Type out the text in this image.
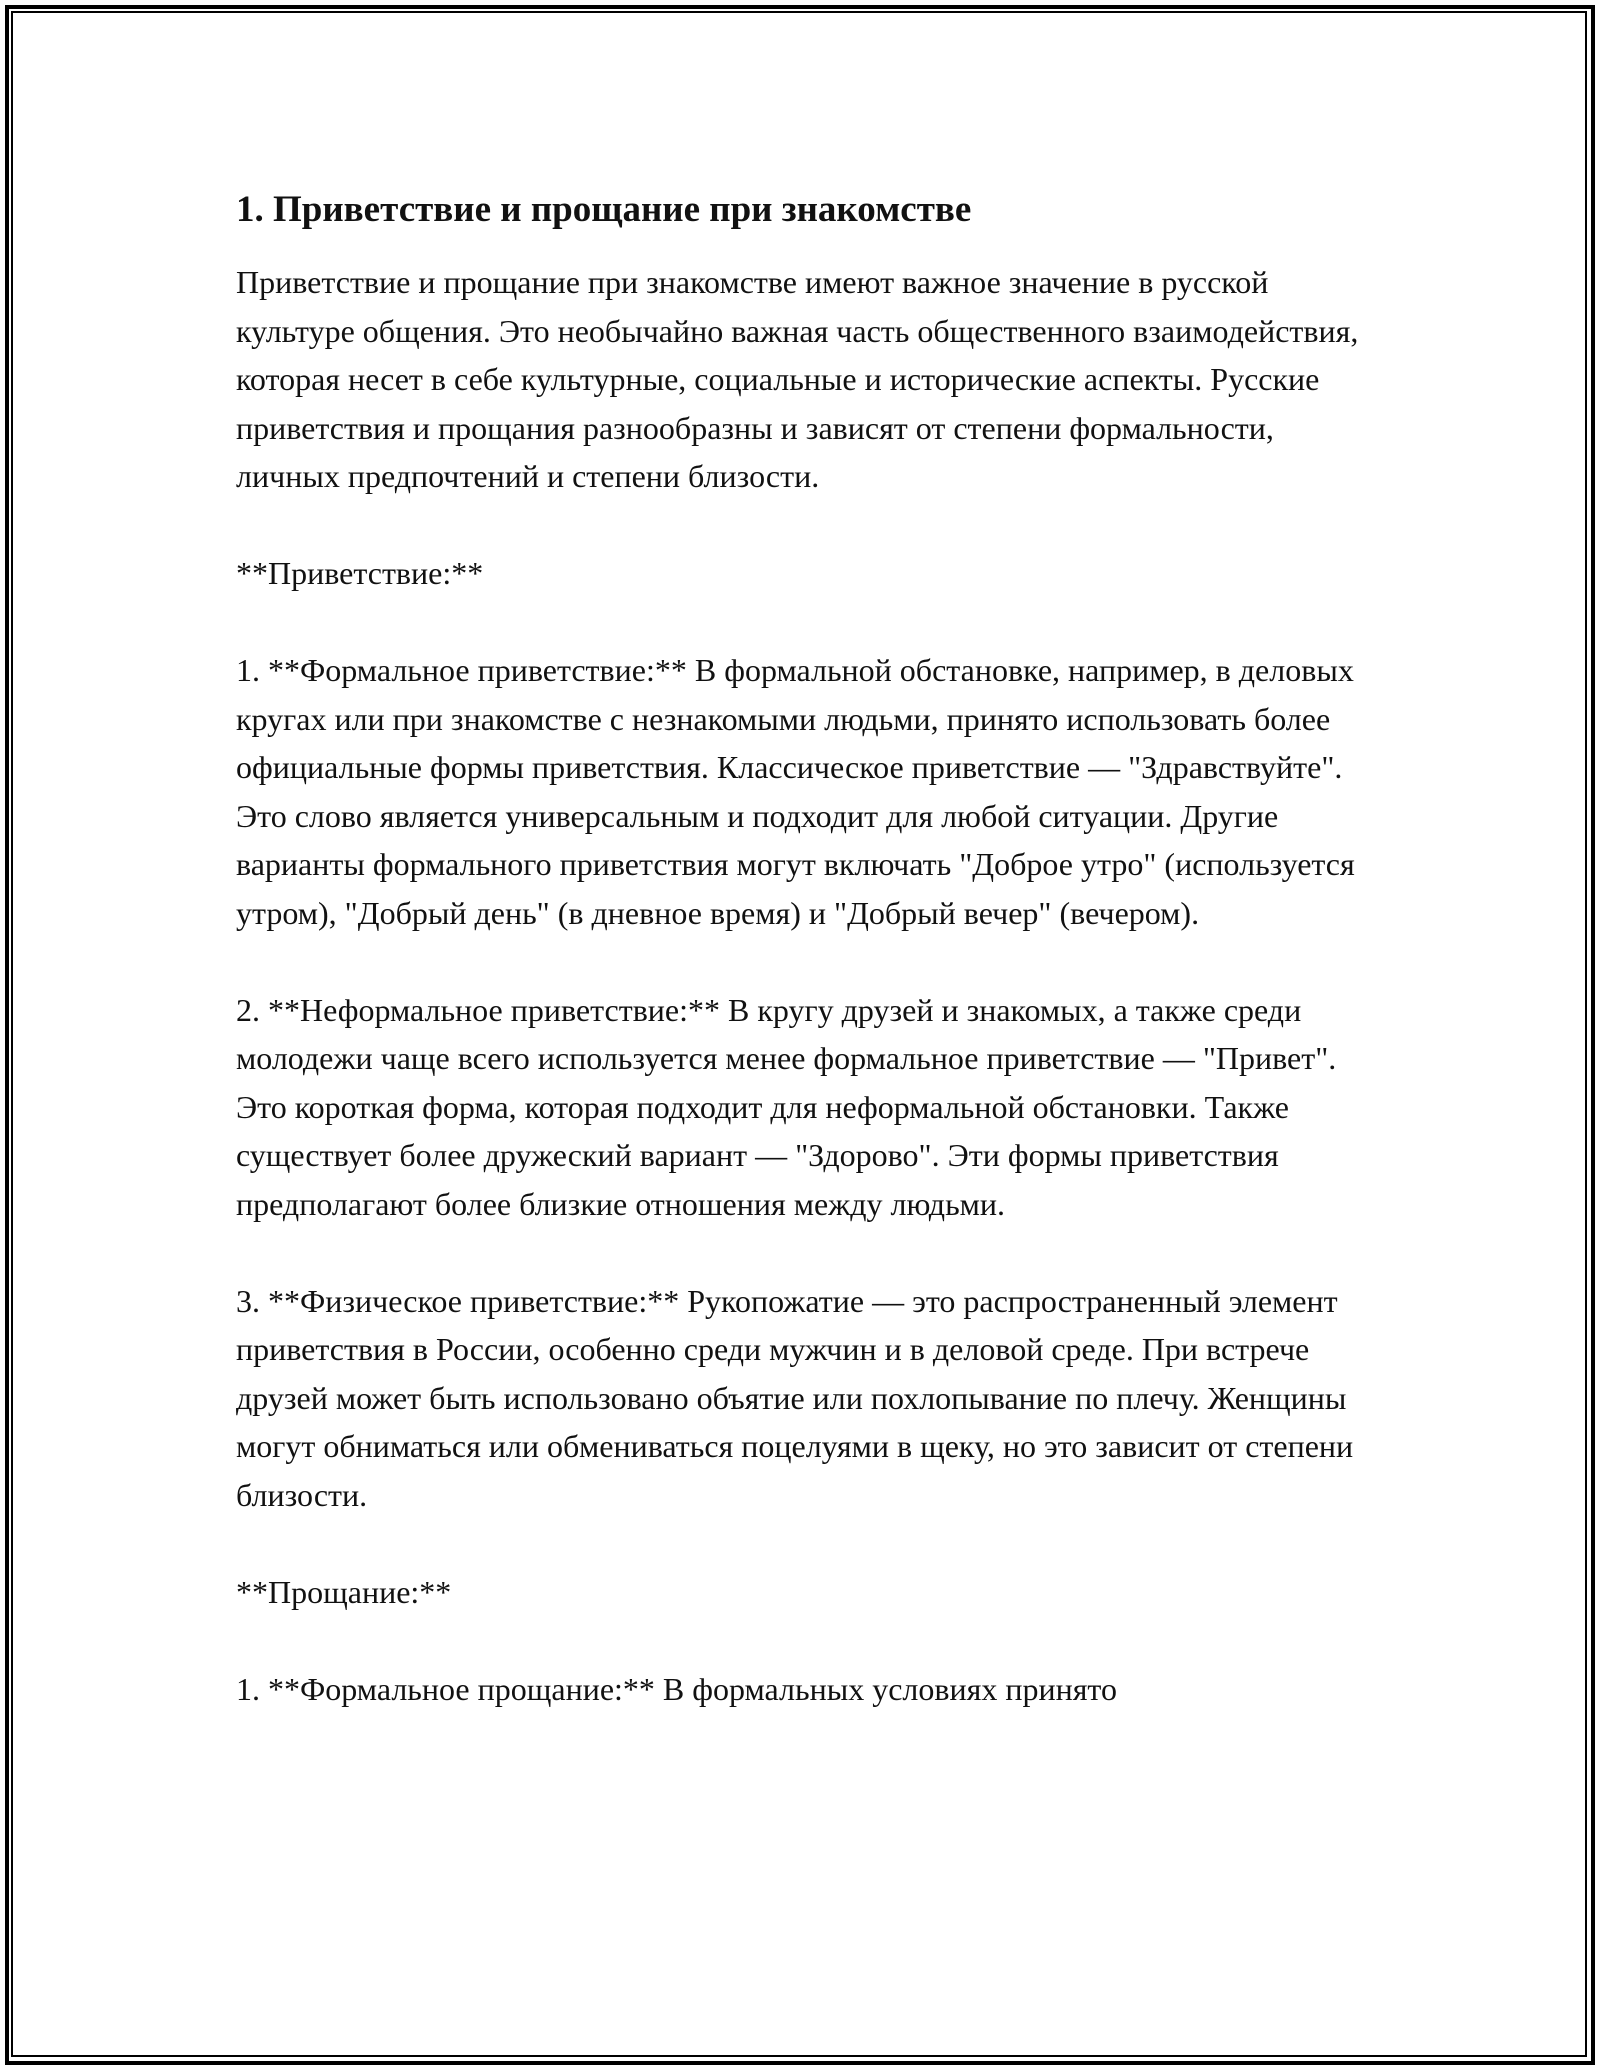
1. Приветствие и прощание при знакомстве

Приветствие и прощание при знакомстве имеют важное значение в русской культуре общения. Это необычайно важная часть общественного взаимодействия, которая несет в себе культурные, социальные и исторические аспекты. Русские приветствия и прощания разнообразны и зависят от степени формальности, личных предпочтений и степени близости.

**Приветствие:**

1. **Формальное приветствие:** В формальной обстановке, например, в деловых кругах или при знакомстве с незнакомыми людьми, принято использовать более официальные формы приветствия. Классическое приветствие — "Здравствуйте". Это слово является универсальным и подходит для любой ситуации. Другие варианты формального приветствия могут включать "Доброе утро" (используется утром), "Добрый день" (в дневное время) и "Добрый вечер" (вечером).

2. **Неформальное приветствие:** В кругу друзей и знакомых, а также среди молодежи чаще всего используется менее формальное приветствие — "Привет". Это короткая форма, которая подходит для неформальной обстановки. Также существует более дружеский вариант — "Здорово". Эти формы приветствия предполагают более близкие отношения между людьми.

3. **Физическое приветствие:** Рукопожатие — это распространенный элемент приветствия в России, особенно среди мужчин и в деловой среде. При встрече друзей может быть использовано объятие или похлопывание по плечу. Женщины могут обниматься или обмениваться поцелуями в щеку, но это зависит от степени близости.

**Прощание:**

1. **Формальное прощание:** В формальных условиях принято
